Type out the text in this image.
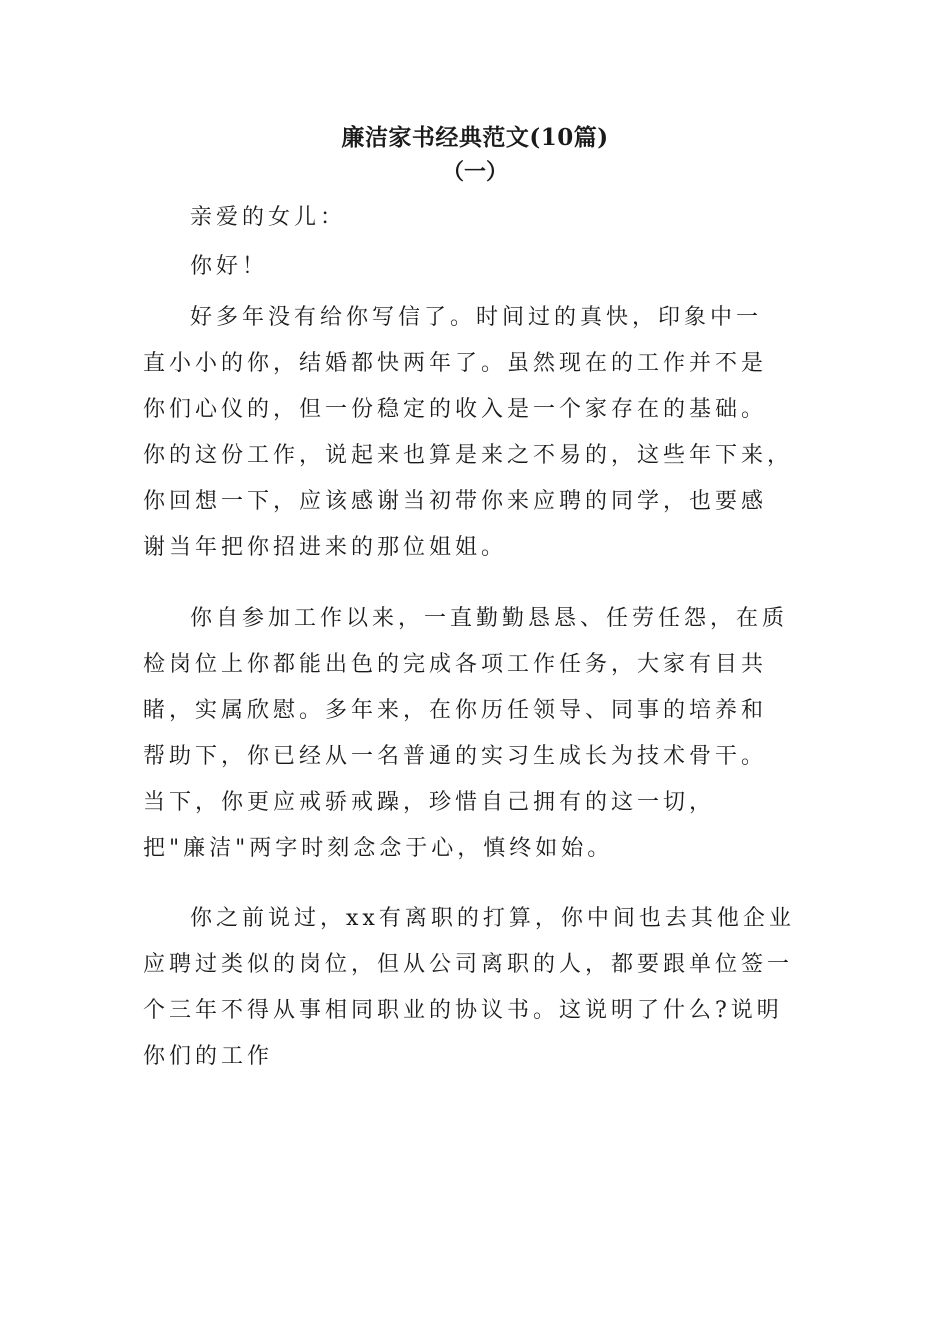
廉洁家书经典范文(10篇)
（一）
亲爱的女儿：
你好！
好多年没有给你写信了。时间过的真快，印象中一
直小小的你，结婚都快两年了。虽然现在的工作并不是
你们心仪的，但一份稳定的收入是一个家存在的基础。
你的这份工作，说起来也算是来之不易的，这些年下来，
你回想一下，应该感谢当初带你来应聘的同学，也要感
谢当年把你招进来的那位姐姐。
你自参加工作以来，一直勤勤恳恳、任劳任怨，在质
检岗位上你都能出色的完成各项工作任务，大家有目共
睹，实属欣慰。多年来，在你历任领导、同事的培养和
帮助下，你已经从一名普通的实习生成长为技术骨干。
当下，你更应戒骄戒躁，珍惜自己拥有的这一切，
把"廉洁"两字时刻念念于心，慎终如始。
你之前说过，xx有离职的打算，你中间也去其他企业
应聘过类似的岗位，但从公司离职的人，都要跟单位签一
个三年不得从事相同职业的协议书。这说明了什么?说明
你们的工作
